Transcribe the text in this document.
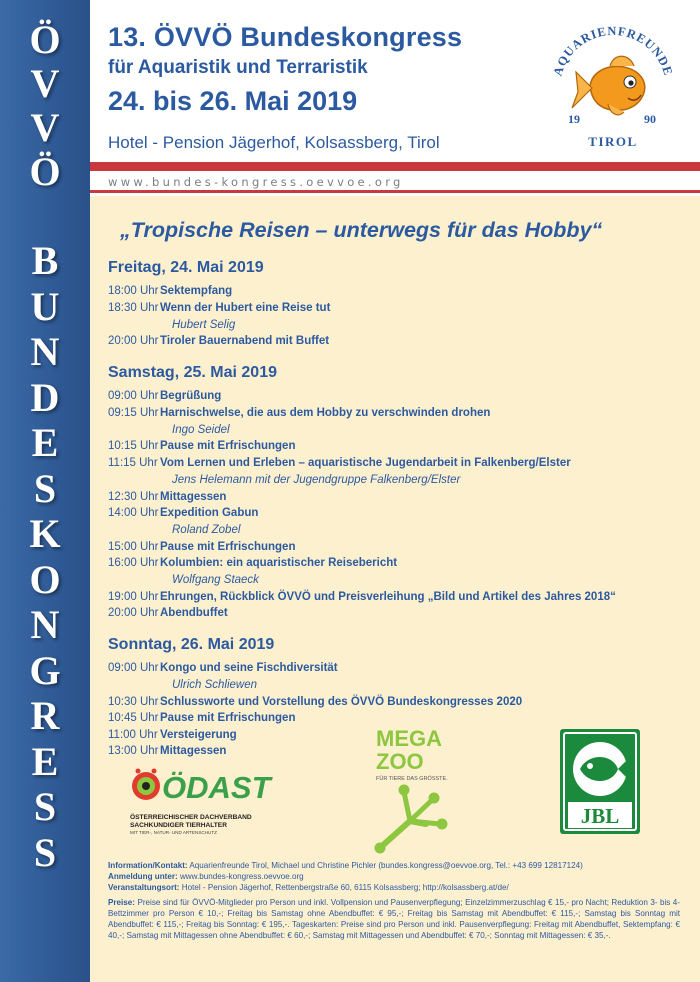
Ö
V
V
Ö
B
U
N
D
E
S
K
O
N
G
R
E
S
S
13. ÖVVÖ Bundeskongress
für Aquaristik und Terraristik
24. bis 26. Mai 2019
Hotel - Pension Jägerhof, Kolsassberg, Tirol
AQUARIENFREUNDE
19	90
TIROL
www.bundes-kongress.oevvoe.org
„Tropische Reisen – unterwegs für das Hobby“
Freitag, 24. Mai 2019
18:00 UhrSektempfang
18:30 UhrWenn der Hubert eine Reise tut
Hubert Selig
20:00 UhrTiroler Bauernabend mit Buffet
Samstag, 25. Mai 2019
09:00 UhrBegrüßung
09:15 UhrHarnischwelse, die aus dem Hobby zu verschwinden drohen
Ingo Seidel
10:15 UhrPause mit Erfrischungen
11:15 Uhr Vom Lernen und Erleben – aquaristische Jugendarbeit in Falkenberg/Elster
Jens Helemann mit der Jugendgruppe Falkenberg/Elster
12:30 UhrMittagessen
14:00 UhrExpedition Gabun
Roland Zobel
15:00 UhrPause mit Erfrischungen
16:00 UhrKolumbien: ein aquaristischer Reisebericht
Wolfgang Staeck
19:00 UhrEhrungen, Rückblick ÖVVÖ und Preisverleihung „Bild und Artikel des Jahres 2018“
20:00 UhrAbendbuffet
Sonntag, 26. Mai 2019
09:00 UhrKongo und seine Fischdiversität
Ulrich Schliewen
10:30 UhrSchlussworte und Vorstellung des ÖVVÖ Bundeskongresses 2020
10:45 UhrPause mit Erfrischungen
11:00 Uhr Versteigerung
13:00 UhrMittagessen
ÖDAST
ÖSTERREICHISCHER DACHVERBAND
SACHKUNDIGER TIERHALTER
MIT TIER-, NATUR- UND ARTENSCHUTZ
MEGA
ZOO
FÜR TIERE DAS GRÖSSTE.
JBL
Information/Kontakt: Aquarienfreunde Tirol, Michael und Christine Pichler (bundes.kongress@oevvoe.org, Tel.: +43 699 12817124)
Anmeldung unter: www.bundes-kongress.oevvoe.org
Veranstaltungsort: Hotel - Pension Jägerhof, Rettenbergstraße 60, 6115 Kolsassberg; http://kolsassberg.at/de/
Preise: Preise sind für ÖVVÖ-Mitglieder pro Person und inkl. Vollpension und Pausenverpflegung; Einzelzimmerzuschlag € 15,- pro Nacht; Reduktion 3- bis 4-Bettzimmer pro Person € 10,-; Freitag bis Samstag ohne Abendbuffet: € 95,-; Freitag bis Samstag mit Abendbuffet: € 115,-; Samstag bis Sonntag mit Abendbuffet: € 115,-; Freitag bis Sonntag: € 195,-. Tageskarten: Preise sind pro Person und inkl. Pausenverpflegung: Freitag mit Abendbuffet, Sektempfang: € 40,-; Samstag mit Mittagessen ohne Abendbuffet: € 60,-; Samstag mit Mittagessen und Abendbuffet: € 70,-; Sonntag mit Mittagessen: € 35,-.
